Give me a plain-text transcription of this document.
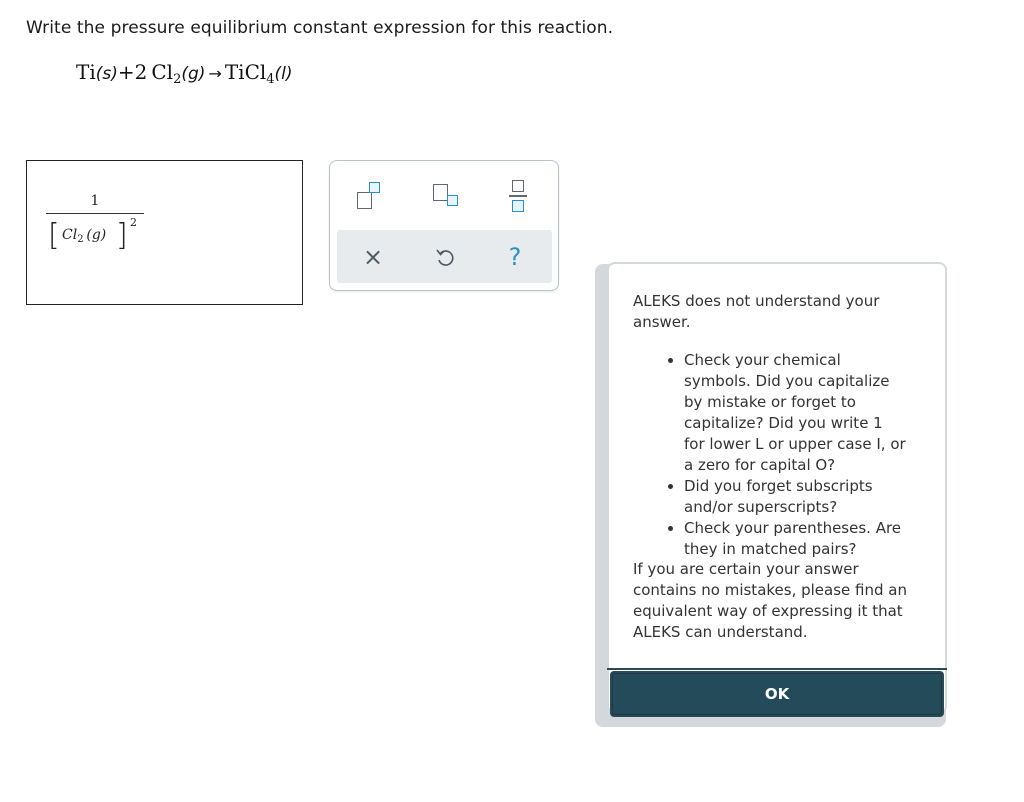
Write the pressure equilibrium constant expression for this reaction.
Ti(s)+2  $Cl_2(g)$ → TiCl$_4$(l)
1
[ $Cl_2$  (g) ] 2
×	?
ALEKS does not understand your answer.
• Check your chemical symbols. Did you capitalize by mistake or forget to capitalize? Did you write 1 for lower L or upper case I, or a zero for capital O?
• Did you forget subscripts and/or superscripts?
• Check your parentheses. Are they in matched pairs?
If you are certain your answer contains no mistakes, please find an equivalent way of expressing it that ALEKS can understand.
OK
